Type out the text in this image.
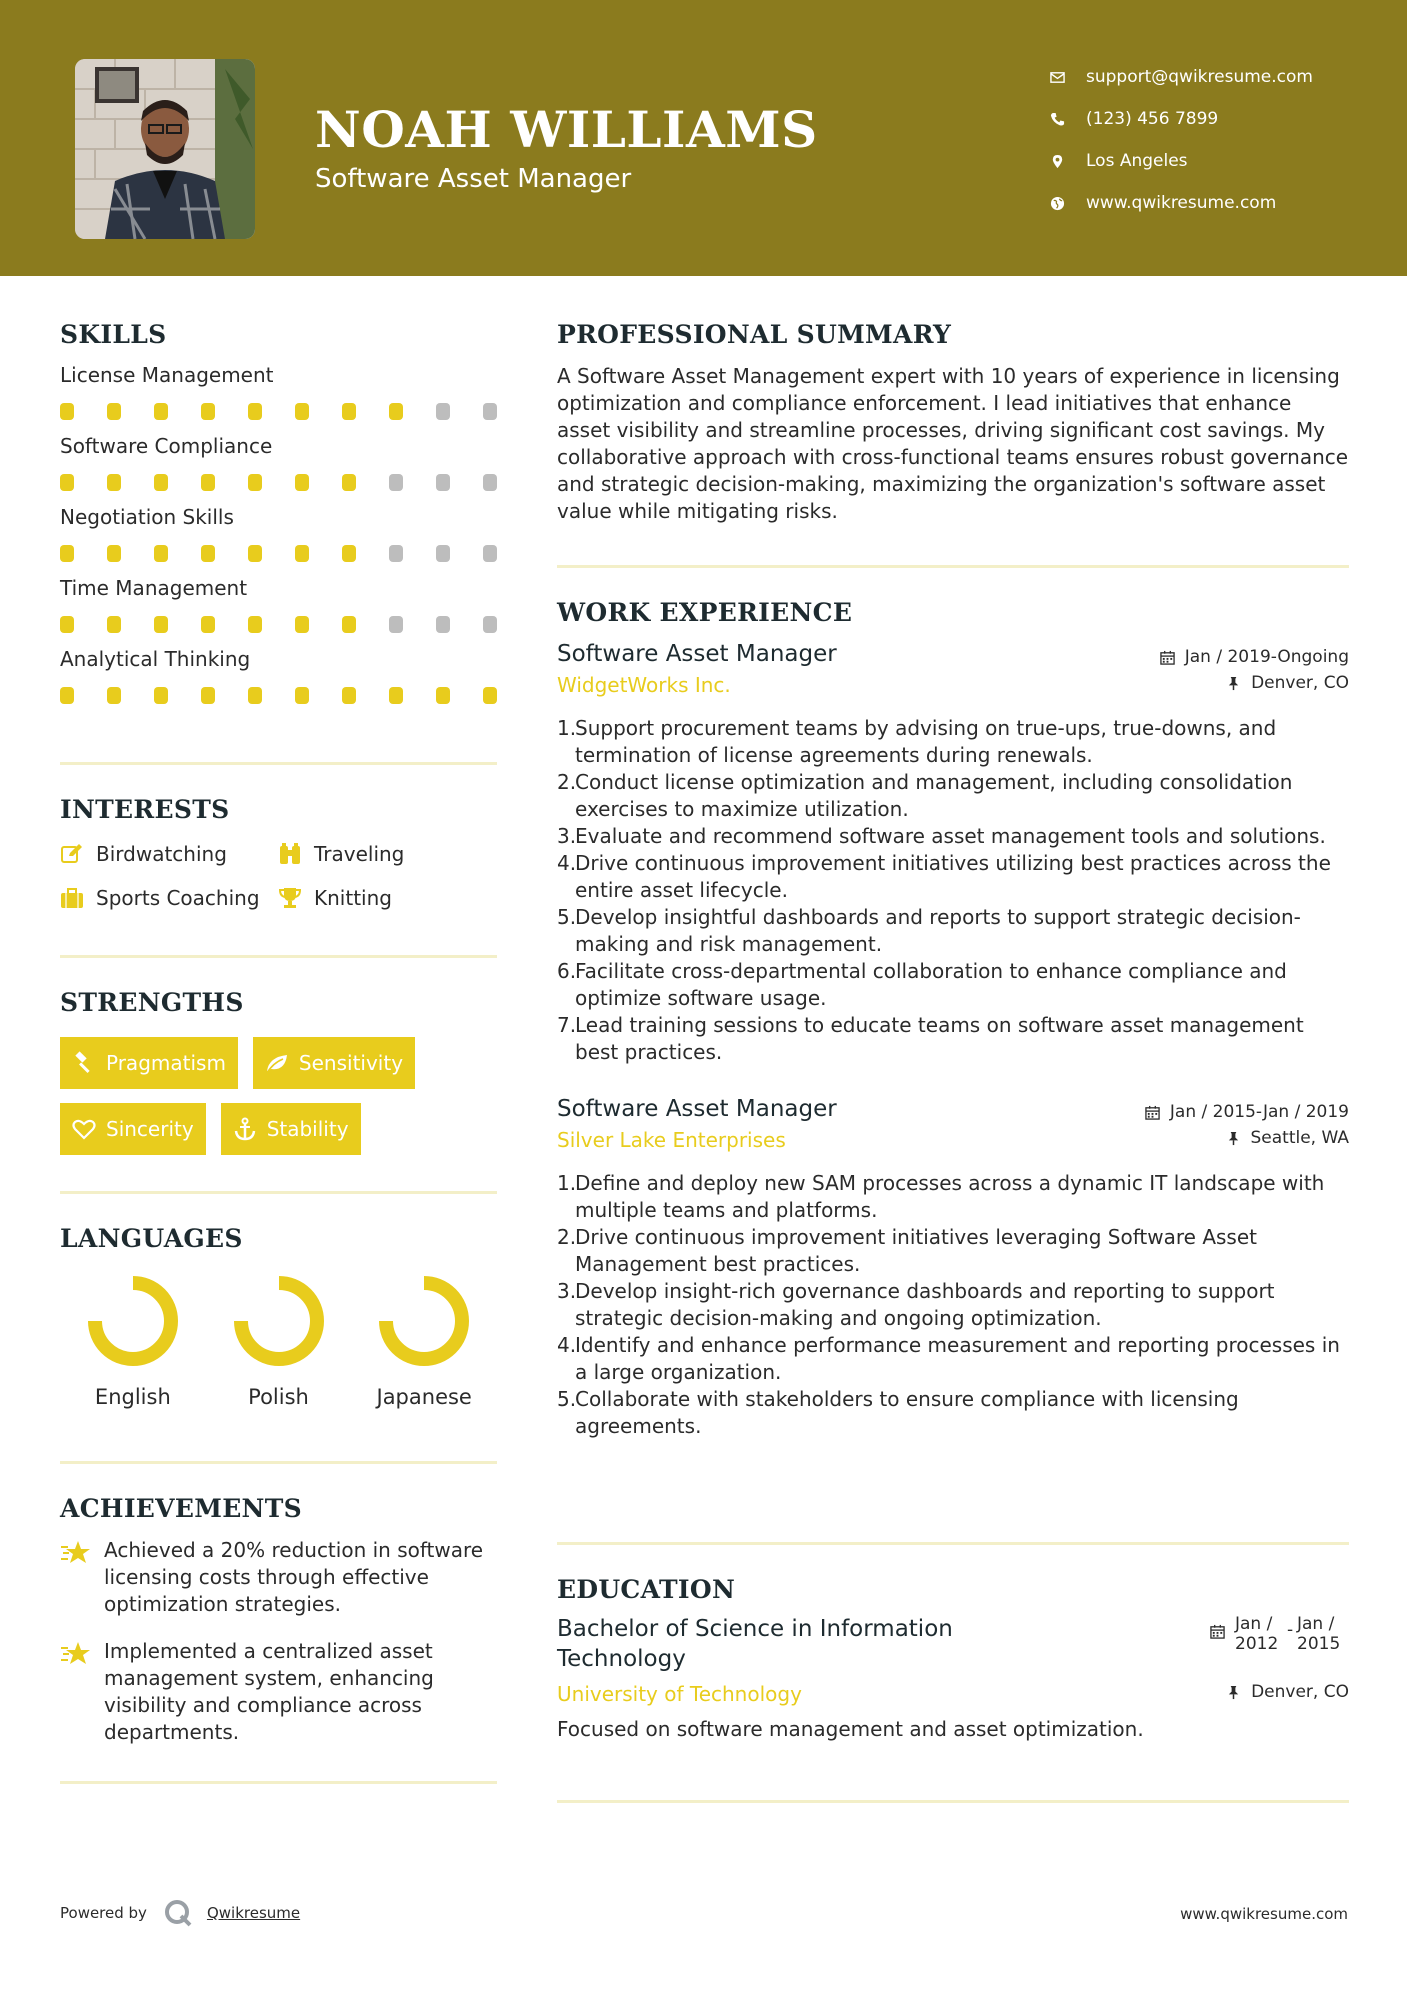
NOAH WILLIAMS
Software Asset Manager
support@qwikresume.com
(123) 456 7899
Los Angeles
www.qwikresume.com
SKILLS
License Management
Software Compliance
Negotiation Skills
Time Management
Analytical Thinking
INTERESTS
Birdwatching	Traveling
Sports Coaching	Knitting
STRENGTHS
Pragmatism	Sensitivity
Sincerity	Stability
LANGUAGES
English	Polish	Japanese
ACHIEVEMENTS
Achieved a 20% reduction in software licensing costs through effective optimization strategies.
Implemented a centralized asset management system, enhancing visibility and compliance across departments.
PROFESSIONAL SUMMARY
A Software Asset Management expert with 10 years of experience in licensing optimization and compliance enforcement. I lead initiatives that enhance asset visibility and streamline processes, driving significant cost savings. My collaborative approach with cross-functional teams ensures robust governance and strategic decision-making, maximizing the organization's software asset value while mitigating risks.
WORK EXPERIENCE
Software Asset Manager	Jan / 2019-Ongoing
WidgetWorks Inc.	Denver, CO
1.
Support procurement teams by advising on true-ups, true-downs, and termination of license agreements during renewals.
2.
Conduct license optimization and management, including consolidation exercises to maximize utilization.
3.
Evaluate and recommend software asset management tools and solutions.
4.
Drive continuous improvement initiatives utilizing best practices across the entire asset lifecycle.
5.
Develop insightful dashboards and reports to support strategic decision-making and risk management.
6.
Facilitate cross-departmental collaboration to enhance compliance and optimize software usage.
7.
Lead training sessions to educate teams on software asset management best practices.
Software Asset Manager	Jan / 2015-Jan / 2019
Silver Lake Enterprises	Seattle, WA
1.
Define and deploy new SAM processes across a dynamic IT landscape with multiple teams and platforms.
2.
Drive continuous improvement initiatives leveraging Software Asset Management best practices.
3.
Develop insight-rich governance dashboards and reporting to support strategic decision-making and ongoing optimization.
4.
Identify and enhance performance measurement and reporting processes in a large organization.
5.
Collaborate with stakeholders to ensure compliance with licensing agreements.
EDUCATION
Bachelor of Science in Information Technology
Jan / 2012
- Jan / 2015
University of Technology	Denver, CO
Focused on software management and asset optimization.
Powered by	Qwikresume	www.qwikresume.com
